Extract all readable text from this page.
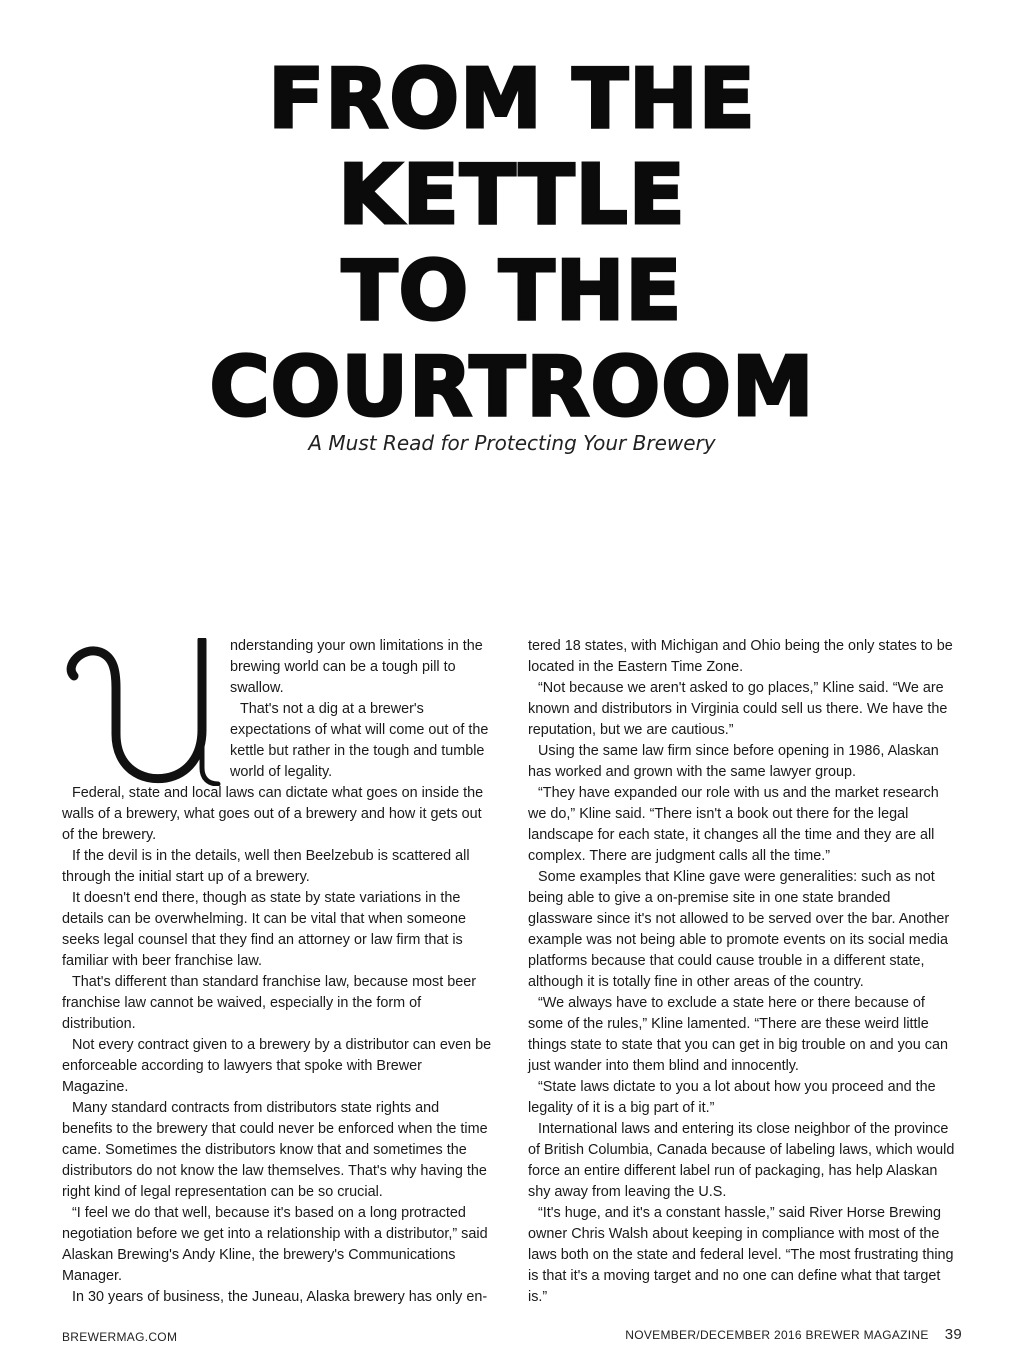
FROM THE
KETTLE
TO THE
COURTROOM
A Must Read for Protecting Your Brewery

nderstanding your own limitations in the brewing world can be a tough pill to swallow.

That's not a dig at a brewer's expectations of what will come out of the kettle but rather in the tough and tumble world of legality.

Federal, state and local laws can dictate what goes on inside the walls of a brewery, what goes out of a brewery and how it gets out of the brewery.

If the devil is in the details, well then Beelzebub is scattered all through the initial start up of a brewery.

It doesn't end there, though as state by state variations in the details can be overwhelming. It can be vital that when someone seeks legal counsel that they find an attorney or law firm that is familiar with beer franchise law.

That's different than standard franchise law, because most beer franchise law cannot be waived, especially in the form of distribution.

Not every contract given to a brewery by a distributor can even be enforceable according to lawyers that spoke with Brewer Magazine.

Many standard contracts from distributors state rights and benefits to the brewery that could never be enforced when the time came. Sometimes the distributors know that and sometimes the distributors do not know the law themselves. That's why having the right kind of legal representation can be so crucial.

“I feel we do that well, because it's based on a long protracted negotiation before we get into a relationship with a distributor,” said Alaskan Brewing's Andy Kline, the brewery's Communications Manager.

In 30 years of business, the Juneau, Alaska brewery has only en-

tered 18 states, with Michigan and Ohio being the only states to be located in the Eastern Time Zone.

“Not because we aren't asked to go places,” Kline said. “We are known and distributors in Virginia could sell us there. We have the reputation, but we are cautious.”

Using the same law firm since before opening in 1986, Alaskan has worked and grown with the same lawyer group.

“They have expanded our role with us and the market research we do,” Kline said. “There isn't a book out there for the legal landscape for each state, it changes all the time and they are all complex. There are judgment calls all the time.”

Some examples that Kline gave were generalities: such as not being able to give a on-premise site in one state branded glassware since it's not allowed to be served over the bar. Another example was not being able to promote events on its social media platforms because that could cause trouble in a different state, although it is totally fine in other areas of the country.

“We always have to exclude a state here or there because of some of the rules,” Kline lamented. “There are these weird little things state to state that you can get in big trouble on and you can just wander into them blind and innocently.

“State laws dictate to you a lot about how you proceed and the legality of it is a big part of it.”

International laws and entering its close neighbor of the province of British Columbia, Canada because of labeling laws, which would force an entire different label run of packaging, has help Alaskan shy away from leaving the U.S.

“It's huge, and it's a constant hassle,” said River Horse Brewing owner Chris Walsh about keeping in compliance with most of the laws both on the state and federal level. “The most frustrating thing is that it's a moving target and no one can define what that target is.”

BREWERMAG.COM	NOVEMBER/DECEMBER 2016 BREWER MAGAZINE 39
